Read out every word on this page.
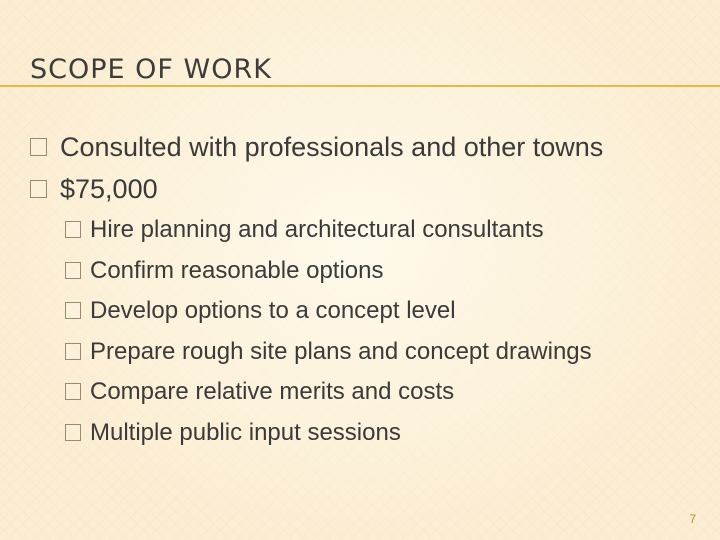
SCOPE OF WORK
Consulted with professionals and other towns
$75,000
Hire planning and architectural consultants
Confirm reasonable options
Develop options to a concept level
Prepare rough site plans and concept drawings
Compare relative merits and costs
Multiple public input sessions
7
